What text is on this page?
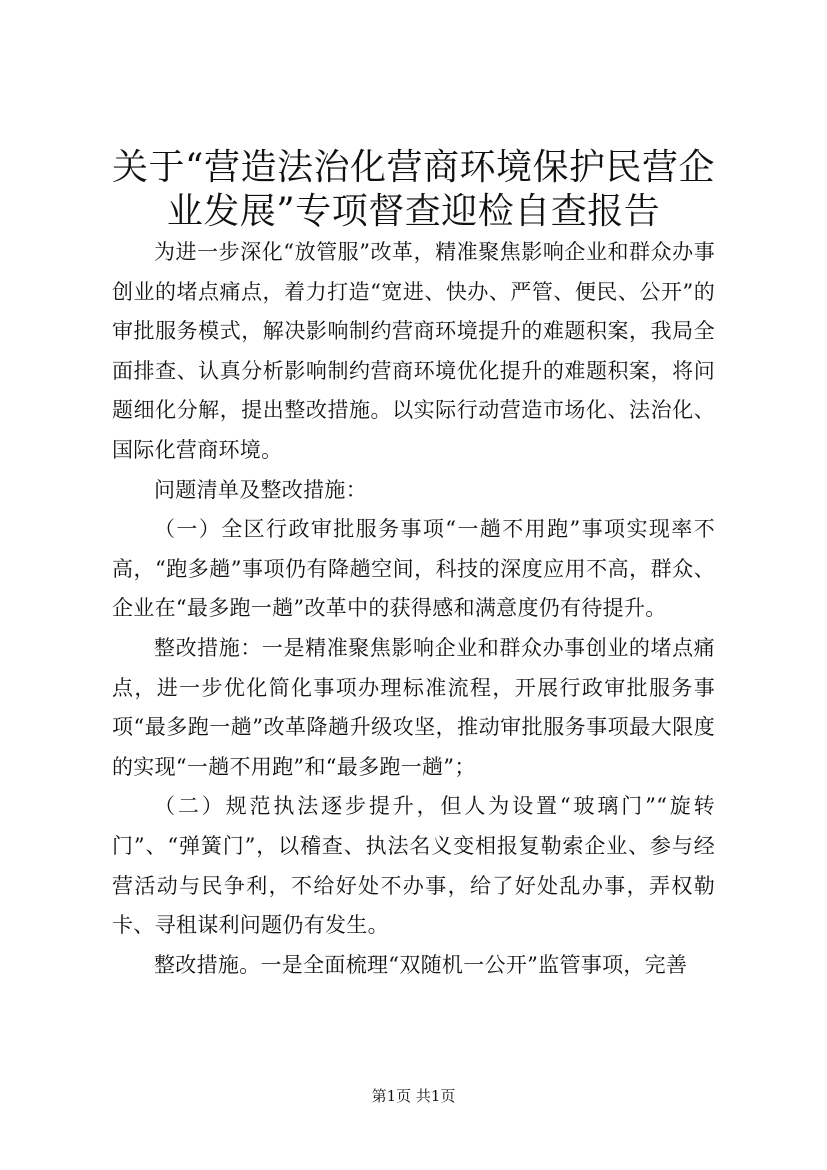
关于“营造法治化营商环境保护民营企业发展”专项督查迎检自查报告

为进一步深化“放管服”改革，精准聚焦影响企业和群众办事创业的堵点痛点，着力打造“宽进、快办、严管、便民、公开”的审批服务模式，解决影响制约营商环境提升的难题积案，我局全面排查、认真分析影响制约营商环境优化提升的难题积案，将问题细化分解，提出整改措施。以实际行动营造市场化、法治化、国际化营商环境。

问题清单及整改措施：

（一）全区行政审批服务事项“一趟不用跑”事项实现率不高，“跑多趟”事项仍有降趟空间，科技的深度应用不高，群众、企业在“最多跑一趟”改革中的获得感和满意度仍有待提升。

整改措施：一是精准聚焦影响企业和群众办事创业的堵点痛点，进一步优化简化事项办理标准流程，开展行政审批服务事项“最多跑一趟”改革降趟升级攻坚，推动审批服务事项最大限度的实现“一趟不用跑”和“最多跑一趟”；

（二）规范执法逐步提升，但人为设置“玻璃门”“旋转门”、“弹簧门”，以稽查、执法名义变相报复勒索企业、参与经营活动与民争利，不给好处不办事，给了好处乱办事，弄权勒卡、寻租谋利问题仍有发生。

整改措施。一是全面梳理“双随机一公开”监管事项，完善

第1页 共1页
